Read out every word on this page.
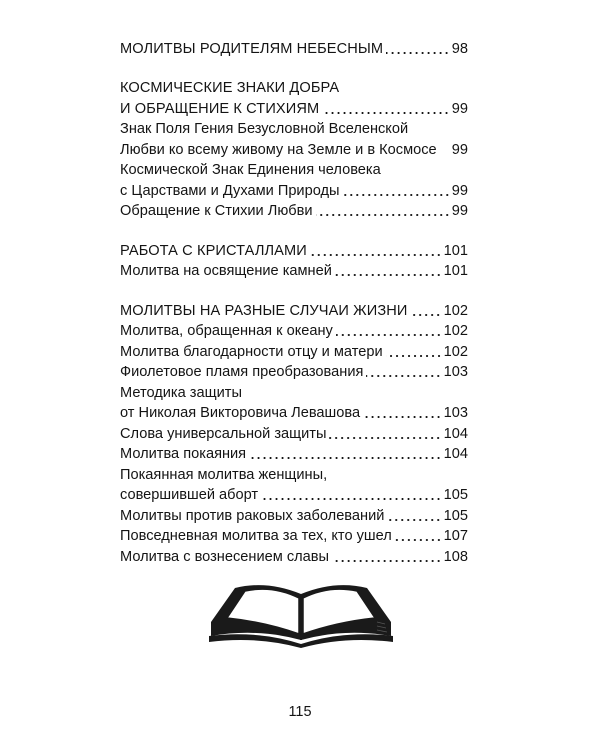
МОЛИТВЫ РОДИТЕЛЯМ НЕБЕСНЫМ	98
КОСМИЧЕСКИЕ ЗНАКИ ДОБРА
И ОБРАЩЕНИЕ К СТИХИЯМ	99
Знак Поля Гения Безусловной Вселенской
Любви ко всему живому на Земле и в Космосе 99
Космической Знак Единения человека
с Царствами и Духами Природы	99
Обращение к Стихии Любви	99
РАБОТА С КРИСТАЛЛАМИ	101
Молитва на освящение камней	101
МОЛИТВЫ НА РАЗНЫЕ СЛУЧАИ ЖИЗНИ 102
Молитва, обращенная к океану	102
Молитва благодарности отцу и матери	102
Фиолетовое пламя преобразования	103
Методика защиты
от Николая Викторовича Левашова	103
Слова универсальной защиты	104
Молитва покаяния	104
Покаянная молитва женщины,
совершившей аборт	105
Молитвы против раковых заболеваний	105
Повседневная молитва за тех, кто ушел	107
Молитва с вознесением славы	108
115
